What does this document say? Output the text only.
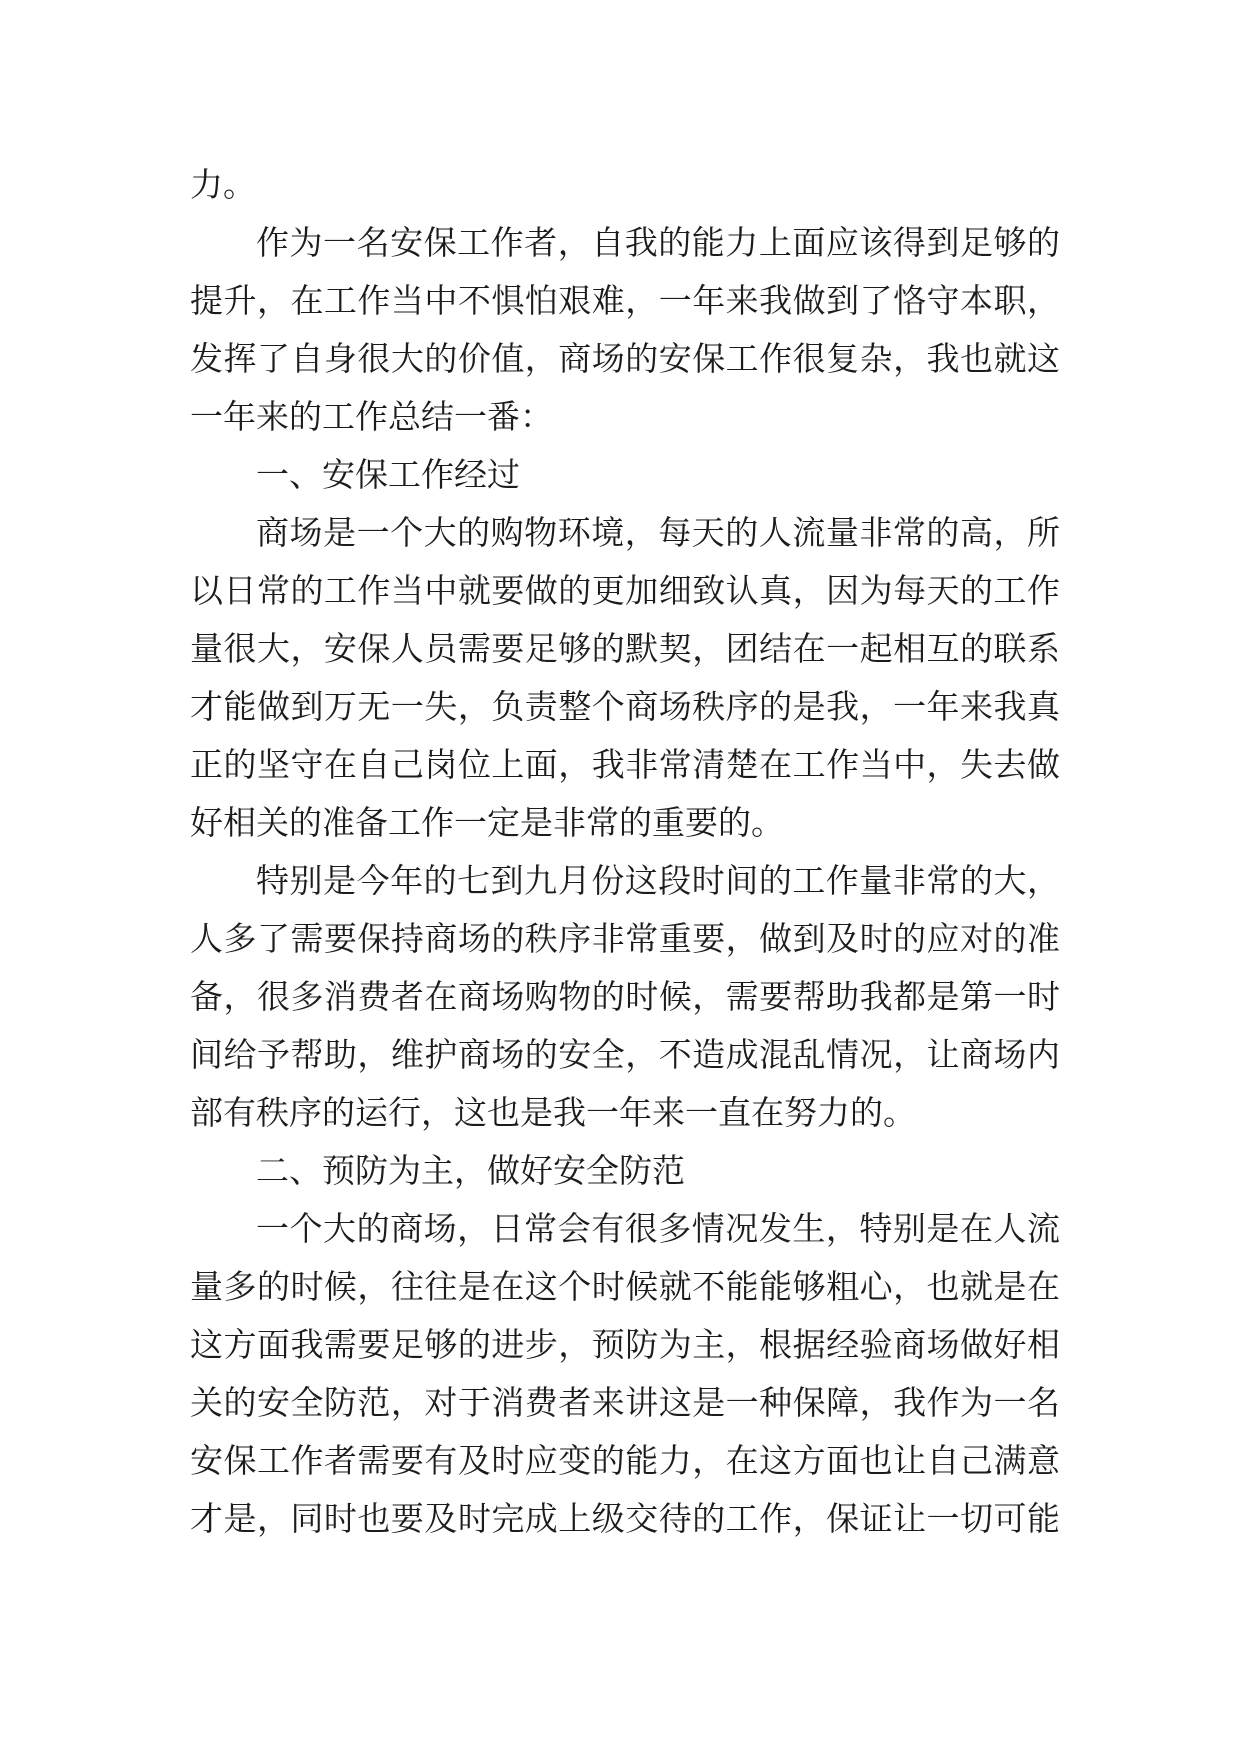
力。
作为一名安保工作者，自我的能力上面应该得到足够的
提升，在工作当中不惧怕艰难，一年来我做到了恪守本职，
发挥了自身很大的价值，商场的安保工作很复杂，我也就这
一年来的工作总结一番：
一、安保工作经过
商场是一个大的购物环境，每天的人流量非常的高，所
以日常的工作当中就要做的更加细致认真，因为每天的工作
量很大，安保人员需要足够的默契，团结在一起相互的联系
才能做到万无一失，负责整个商场秩序的是我，一年来我真
正的坚守在自己岗位上面，我非常清楚在工作当中，失去做
好相关的准备工作一定是非常的重要的。
特别是今年的七到九月份这段时间的工作量非常的大，
人多了需要保持商场的秩序非常重要，做到及时的应对的准
备，很多消费者在商场购物的时候，需要帮助我都是第一时
间给予帮助，维护商场的安全，不造成混乱情况，让商场内
部有秩序的运行，这也是我一年来一直在努力的。
二、预防为主，做好安全防范
一个大的商场，日常会有很多情况发生，特别是在人流
量多的时候，往往是在这个时候就不能能够粗心，也就是在
这方面我需要足够的进步，预防为主，根据经验商场做好相
关的安全防范，对于消费者来讲这是一种保障，我作为一名
安保工作者需要有及时应变的能力，在这方面也让自己满意
才是，同时也要及时完成上级交待的工作，保证让一切可能
